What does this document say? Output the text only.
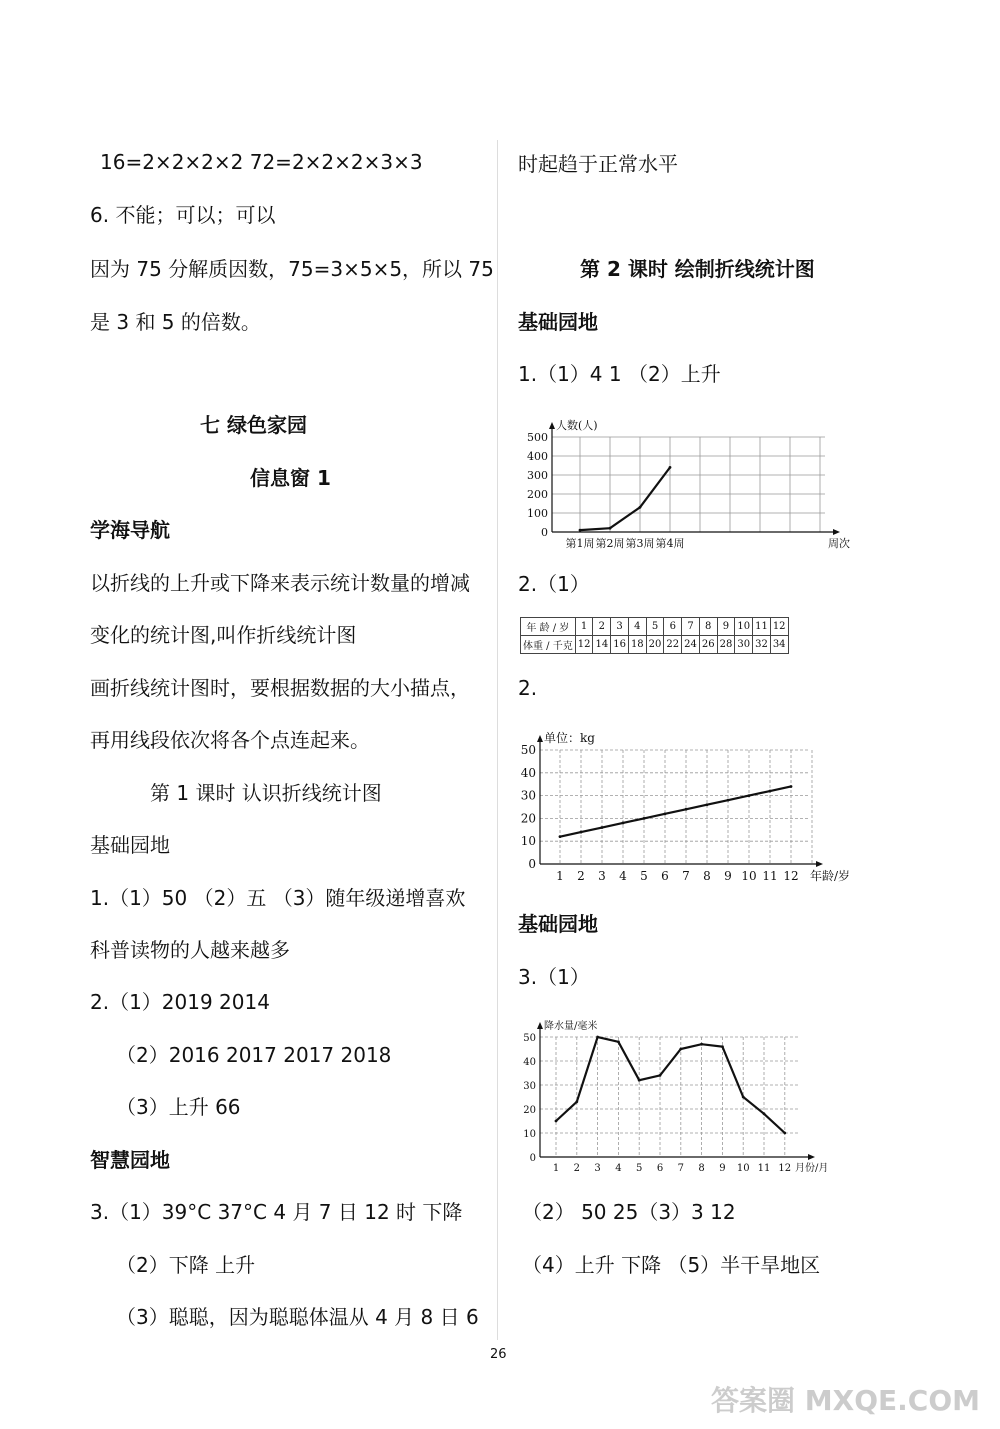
16=2×2×2×2 72=2×2×2×3×3
6. 不能；可以；可以
因为 75 分解质因数，75=3×5×5，所以 75
是 3 和 5 的倍数。
七 绿色家园
信息窗 1
学海导航
以折线的上升或下降来表示统计数量的增减
变化的统计图,叫作折线统计图
画折线统计图时，要根据数据的大小描点，
再用线段依次将各个点连起来。
第 1 课时 认识折线统计图
基础园地
1.（1）50 （2）五 （3）随年级递增喜欢
科普读物的人越来越多
2.（1）2019 2014
（2）2016 2017 2017 2018
（3）上升 66
智慧园地
3.（1）39°C 37°C 4 月 7 日 12 时 下降
（2）下降 上升
（3）聪聪，因为聪聪体温从 4 月 8 日 6
时起趋于正常水平
第 2 课时 绘制折线统计图
基础园地
1.（1）4 1 （2）上升
0
100
200
300
400
500
人数(人)
周次
第1周 第2周 第3周 第4周
2.（1）
年 龄 / 岁	1	2	3	4	5	6	7	8	9	10	11	12
体重 / 千克	12	14	16	18	20	22	24	26	28	30	32	34
2.
0
10
20
30
40
50
单位：kg
年龄/岁
1 2 3 4 5 6 7 8 9 10 11 12
基础园地
3.（1）
0
10
20
30
40
50
降水量/毫米
月份/月
1 2 3 4 5 6 7 8 9 10 11 12
（2） 50 25（3）3 12
（4）上升 下降 （5）半干旱地区
26
答案圈 MXQE.COM
